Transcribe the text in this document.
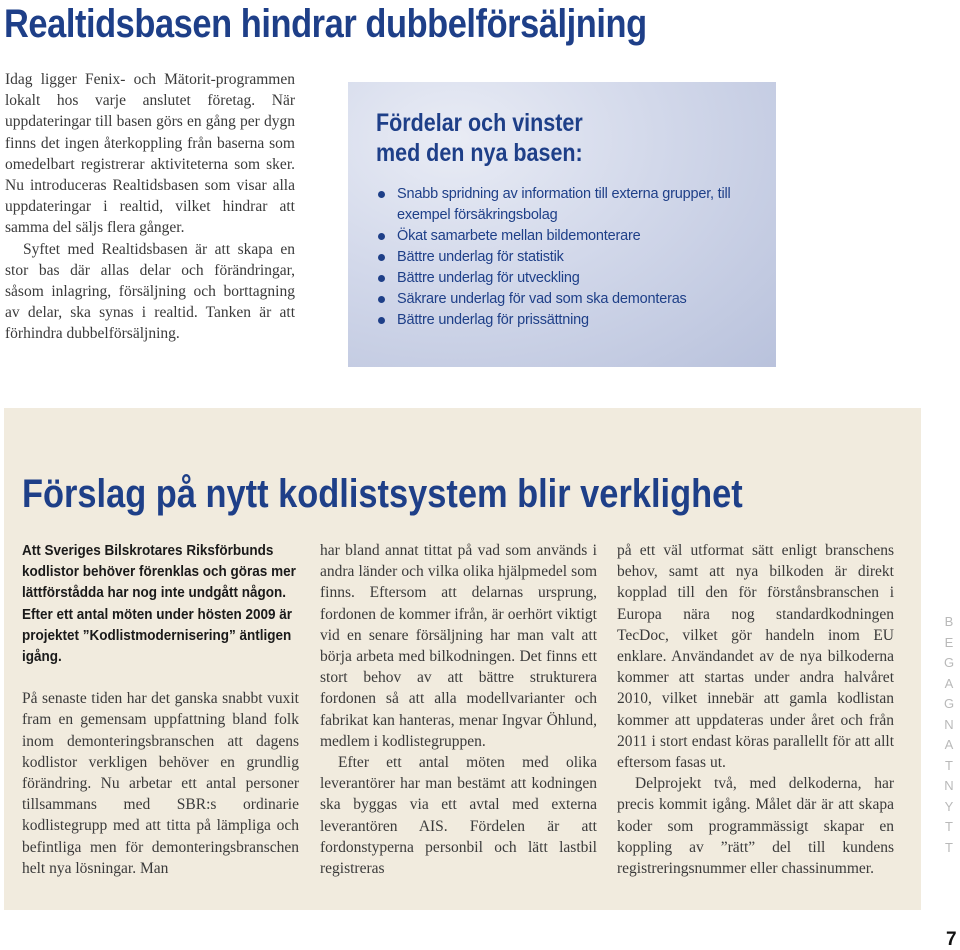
Realtidsbasen hindrar dubbelförsäljning

Idag ligger Fenix- och Mätorit-programmen lokalt hos varje anslutet företag. När uppdateringar till basen görs en gång per dygn finns det ingen återkoppling från baserna som omedelbart registrerar aktiviteterna som sker. Nu introduceras Realtidsbasen som visar alla uppdateringar i realtid, vilket hindrar att samma del säljs flera gånger.

Syftet med Realtidsbasen är att skapa en stor bas där allas delar och förändringar, såsom inlagring, försäljning och borttagning av delar, ska synas i realtid. Tanken är att förhindra dubbelförsäljning.

Fördelar och vinster
med den nya basen:
Snabb spridning av information till externa grupper, till exempel försäkringsbolag
Ökat samarbete mellan bildemonterare
Bättre underlag för statistik
Bättre underlag för utveckling
Säkrare underlag för vad som ska demonteras
Bättre underlag för prissättning
Förslag på nytt kodlistsystem blir verklighet

Att Sveriges Bilskrotares Riksförbunds kodlistor behöver förenklas och göras mer lättförstådda har nog inte undgått någon. Efter ett antal möten under hösten 2009 är projektet ”Kodlistmodernisering” äntligen igång.

På senaste tiden har det ganska snabbt vuxit fram en gemensam uppfattning bland folk inom demonteringsbranschen att dagens kodlistor verkligen behöver en grundlig förändring. Nu arbetar ett antal personer tillsammans med SBR:s ordinarie kodlistegrupp med att titta på lämpliga och befintliga men för demonteringsbranschen helt nya lösningar. Man

har bland annat tittat på vad som används i andra länder och vilka olika hjälpmedel som finns. Eftersom att delarnas ursprung, fordonen de kommer ifrån, är oerhört viktigt vid en senare försäljning har man valt att börja arbeta med bilkodningen. Det finns ett stort behov av att bättre strukturera fordonen så att alla modellvarianter och fabrikat kan hanteras, menar Ingvar Öhlund, medlem i kodlistegruppen.

Efter ett antal möten med olika leverantörer har man bestämt att kodningen ska byggas via ett avtal med externa leverantören AIS. Fördelen är att fordonstyperna personbil och lätt lastbil registreras

på ett väl utformat sätt enligt branschens behov, samt att nya bilkoden är direkt kopplad till den för förstånsbranschen i Europa nära nog standardkodningen TecDoc, vilket gör handeln inom EU enklare. Användandet av de nya bilkoderna kommer att startas under andra halvåret 2010, vilket innebär att gamla kodlistan kommer att uppdateras under året och från 2011 i stort endast köras parallellt för att allt eftersom fasas ut.

Delprojekt två, med delkoderna, har precis kommit igång. Målet där är att skapa koder som programmässigt skapar en koppling av ”rätt” del till kundens registreringsnummer eller chassinummer.

BEGAGNATNYTT
7
